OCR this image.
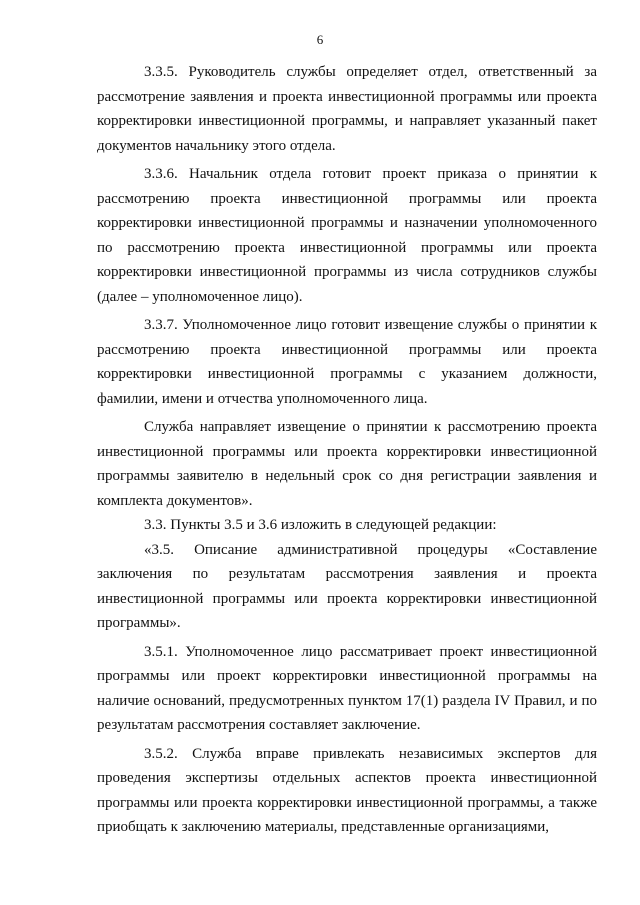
6

3.3.5. Руководитель службы определяет отдел, ответственный за рассмотрение заявления и проекта инвестиционной программы или проекта корректировки инвестиционной программы, и направляет указанный пакет документов начальнику этого отдела.

3.3.6. Начальник отдела готовит проект приказа о принятии к рассмотрению проекта инвестиционной программы или проекта корректировки инвестиционной программы и назначении уполномоченного по рассмотрению проекта инвестиционной программы или проекта корректировки инвестиционной программы из числа сотрудников службы (далее – уполномоченное лицо).

3.3.7. Уполномоченное лицо готовит извещение службы о принятии к рассмотрению проекта инвестиционной программы или проекта корректировки инвестиционной программы с указанием должности, фамилии, имени и отчества уполномоченного лица.

Служба направляет извещение о принятии к рассмотрению проекта инвестиционной программы или проекта корректировки инвестиционной программы заявителю в недельный срок со дня регистрации заявления и комплекта документов».

3.3. Пункты 3.5 и 3.6 изложить в следующей редакции:

«3.5. Описание административной процедуры «Составление заключения по результатам рассмотрения заявления и проекта инвестиционной программы или проекта корректировки инвестиционной программы».

3.5.1. Уполномоченное лицо рассматривает проект инвестиционной программы или проект корректировки инвестиционной программы на наличие оснований, предусмотренных пунктом 17(1) раздела IV Правил, и по результатам рассмотрения составляет заключение.

3.5.2. Служба вправе привлекать независимых экспертов для проведения экспертизы отдельных аспектов проекта инвестиционной программы или проекта корректировки инвестиционной программы, а также приобщать к заключению материалы, представленные организациями,
